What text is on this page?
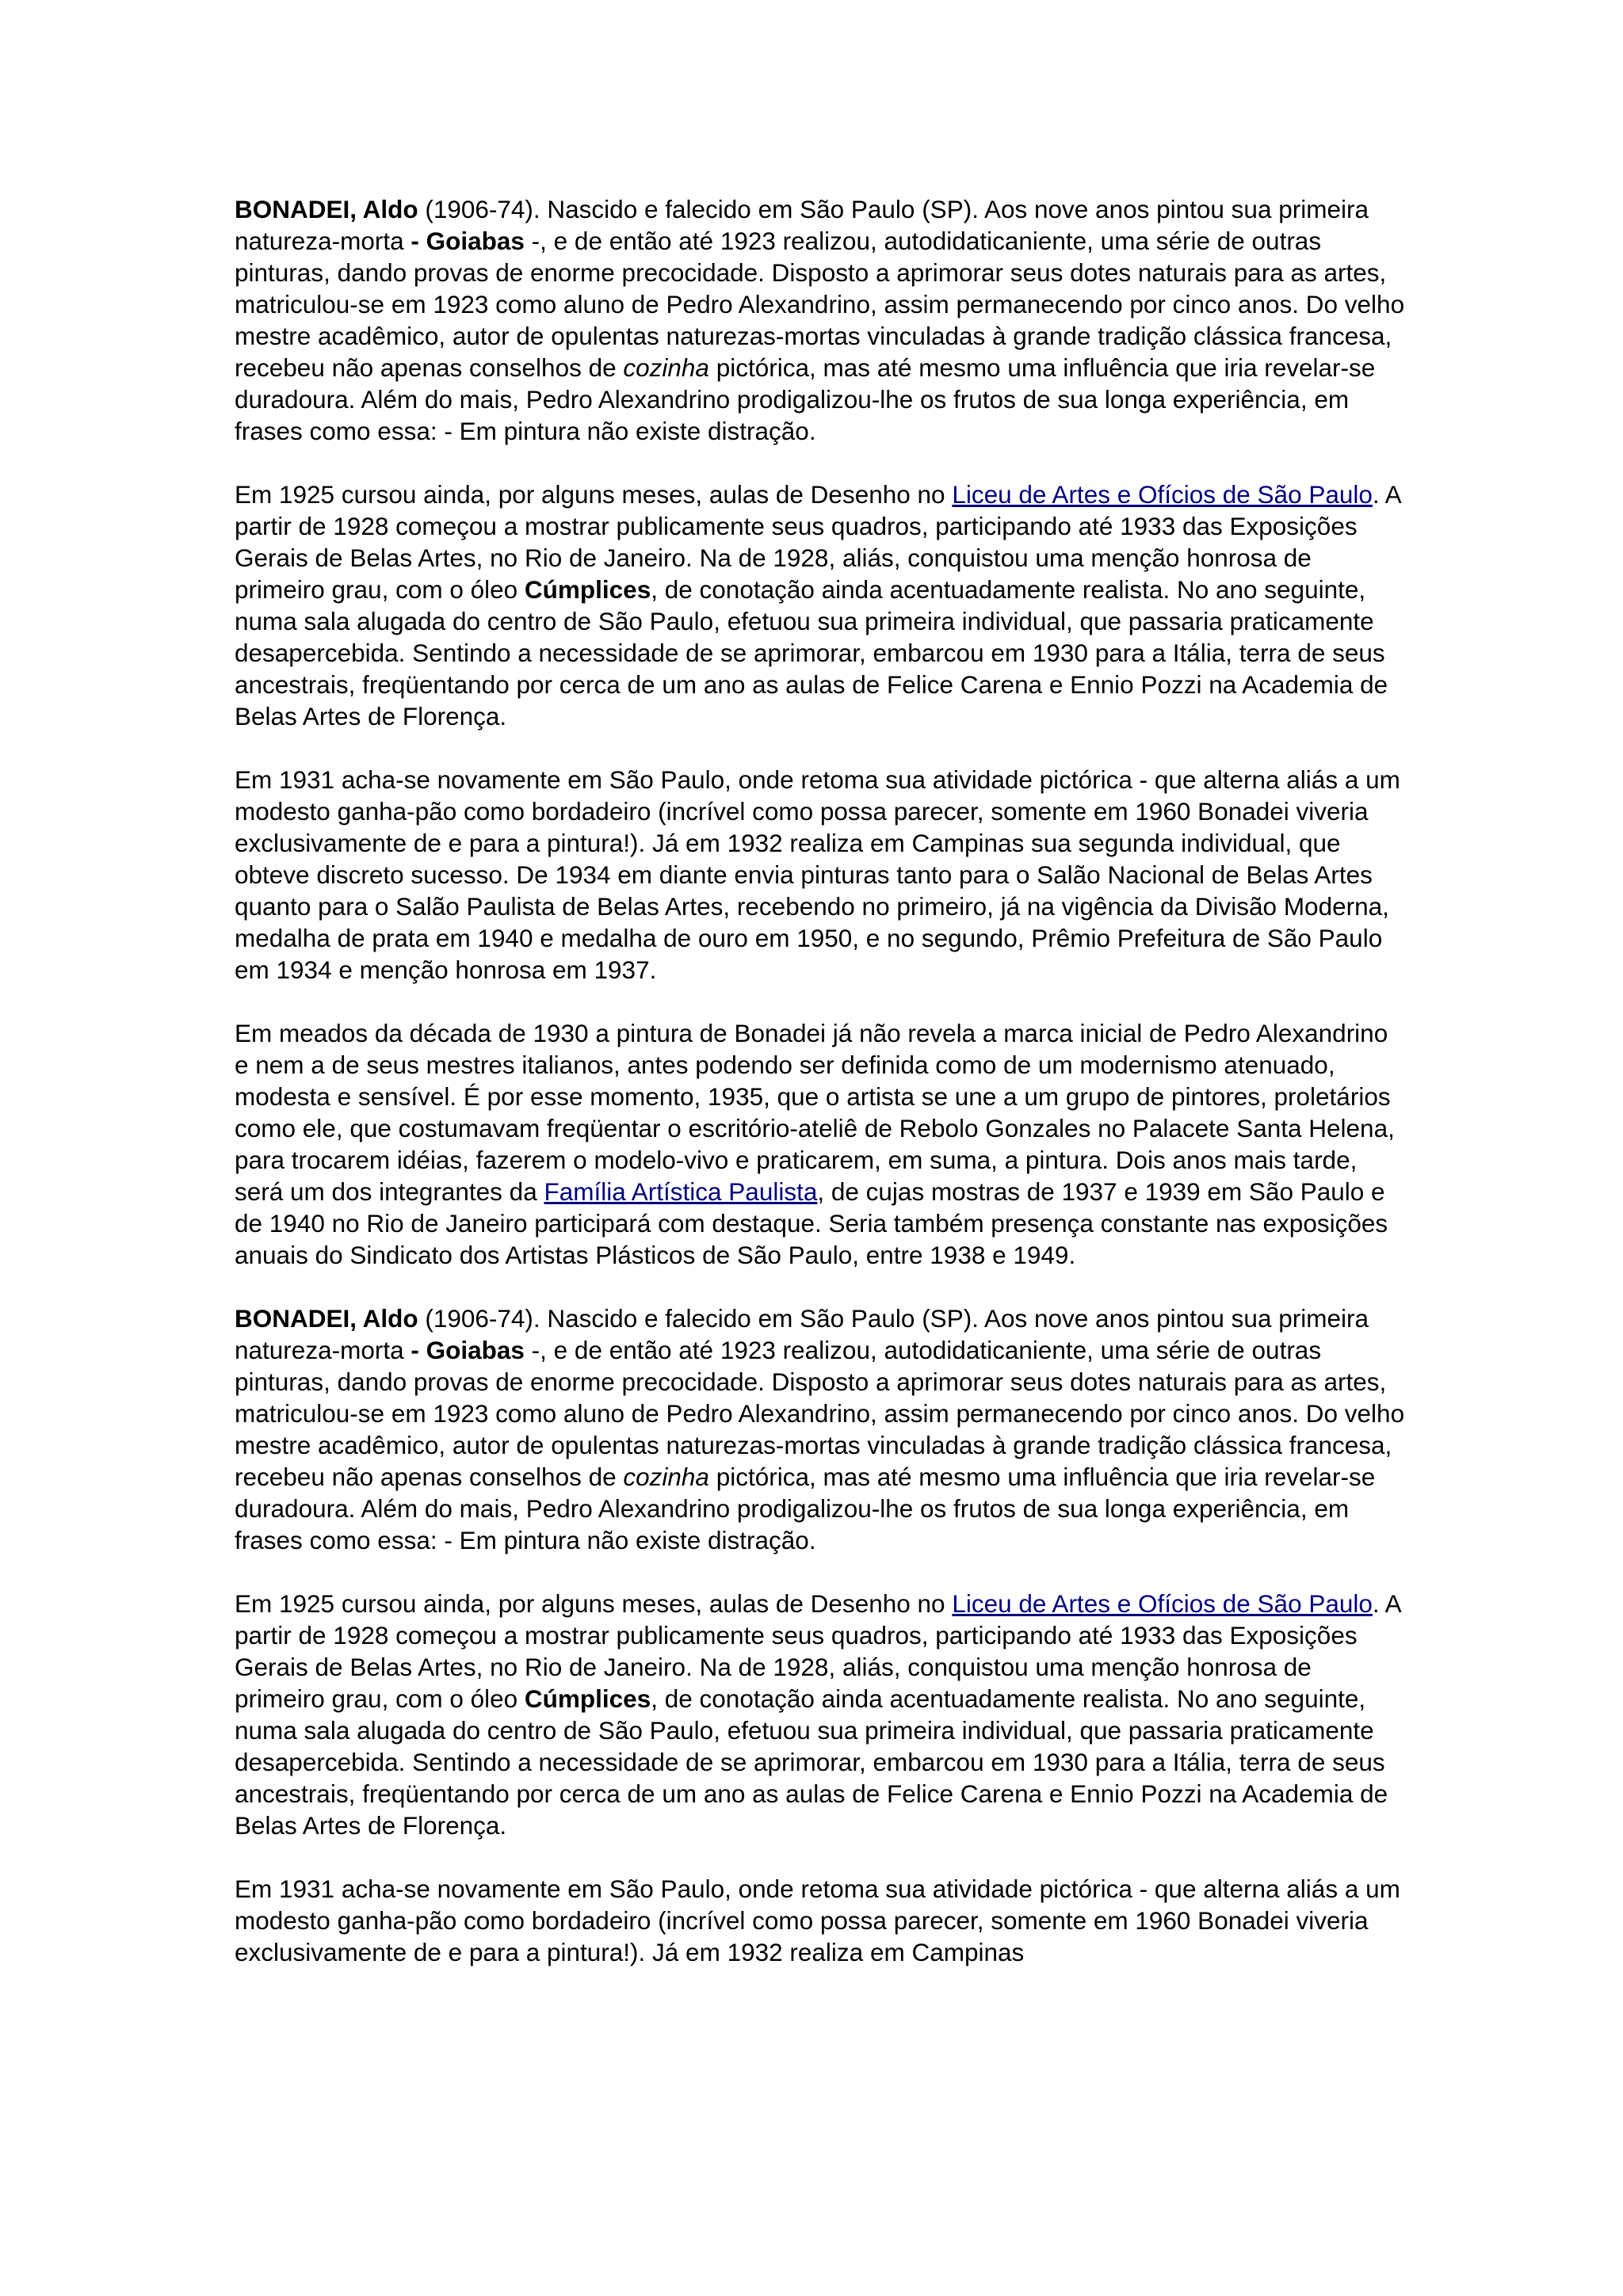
BONADEI, Aldo (1906-74). Nascido e falecido em São Paulo (SP). Aos nove anos pintou sua primeira natureza-morta - Goiabas -, e de então até 1923 realizou, autodidaticaniente, uma série de outras pinturas, dando provas de enorme precocidade. Disposto a aprimorar seus dotes naturais para as artes, matriculou-se em 1923 como aluno de Pedro Alexandrino, assim permanecendo por cinco anos. Do velho mestre acadêmico, autor de opulentas naturezas-mortas vinculadas à grande tradição clássica francesa, recebeu não apenas conselhos de cozinha pictórica, mas até mesmo uma influência que iria revelar-se duradoura. Além do mais, Pedro Alexandrino prodigalizou-lhe os frutos de sua longa experiência, em frases como essa: - Em pintura não existe distração.

Em 1925 cursou ainda, por alguns meses, aulas de Desenho no Liceu de Artes e Ofícios de São Paulo. A partir de 1928 começou a mostrar publicamente seus quadros, participando até 1933 das Exposições Gerais de Belas Artes, no Rio de Janeiro. Na de 1928, aliás, conquistou uma menção honrosa de primeiro grau, com o óleo Cúmplices, de conotação ainda acentuadamente realista. No ano seguinte, numa sala alugada do centro de São Paulo, efetuou sua primeira individual, que passaria praticamente desapercebida. Sentindo a necessidade de se aprimorar, embarcou em 1930 para a Itália, terra de seus ancestrais, freqüentando por cerca de um ano as aulas de Felice Carena e Ennio Pozzi na Academia de Belas Artes de Florença.

Em 1931 acha-se novamente em São Paulo, onde retoma sua atividade pictórica - que alterna aliás a um modesto ganha-pão como bordadeiro (incrível como possa parecer, somente em 1960 Bonadei viveria exclusivamente de e para a pintura!). Já em 1932 realiza em Campinas sua segunda individual, que obteve discreto sucesso. De 1934 em diante envia pinturas tanto para o Salão Nacional de Belas Artes quanto para o Salão Paulista de Belas Artes, recebendo no primeiro, já na vigência da Divisão Moderna, medalha de prata em 1940 e medalha de ouro em 1950, e no segundo, Prêmio Prefeitura de São Paulo em 1934 e menção honrosa em 1937.

Em meados da década de 1930 a pintura de Bonadei já não revela a marca inicial de Pedro Alexandrino e nem a de seus mestres italianos, antes podendo ser definida como de um modernismo atenuado, modesta e sensível. É por esse momento, 1935, que o artista se une a um grupo de pintores, proletários como ele, que costumavam freqüentar o escritório-ateliê de Rebolo Gonzales no Palacete Santa Helena, para trocarem idéias, fazerem o modelo-vivo e praticarem, em suma, a pintura. Dois anos mais tarde, será um dos integrantes da Família Artística Paulista, de cujas mostras de 1937 e 1939 em São Paulo e de 1940 no Rio de Janeiro participará com destaque. Seria também presença constante nas exposições anuais do Sindicato dos Artistas Plásticos de São Paulo, entre 1938 e 1949.

BONADEI, Aldo (1906-74). Nascido e falecido em São Paulo (SP). Aos nove anos pintou sua primeira natureza-morta - Goiabas -, e de então até 1923 realizou, autodidaticaniente, uma série de outras pinturas, dando provas de enorme precocidade. Disposto a aprimorar seus dotes naturais para as artes, matriculou-se em 1923 como aluno de Pedro Alexandrino, assim permanecendo por cinco anos. Do velho mestre acadêmico, autor de opulentas naturezas-mortas vinculadas à grande tradição clássica francesa, recebeu não apenas conselhos de cozinha pictórica, mas até mesmo uma influência que iria revelar-se duradoura. Além do mais, Pedro Alexandrino prodigalizou-lhe os frutos de sua longa experiência, em frases como essa: - Em pintura não existe distração.

Em 1925 cursou ainda, por alguns meses, aulas de Desenho no Liceu de Artes e Ofícios de São Paulo. A partir de 1928 começou a mostrar publicamente seus quadros, participando até 1933 das Exposições Gerais de Belas Artes, no Rio de Janeiro. Na de 1928, aliás, conquistou uma menção honrosa de primeiro grau, com o óleo Cúmplices, de conotação ainda acentuadamente realista. No ano seguinte, numa sala alugada do centro de São Paulo, efetuou sua primeira individual, que passaria praticamente desapercebida. Sentindo a necessidade de se aprimorar, embarcou em 1930 para a Itália, terra de seus ancestrais, freqüentando por cerca de um ano as aulas de Felice Carena e Ennio Pozzi na Academia de Belas Artes de Florença.

Em 1931 acha-se novamente em São Paulo, onde retoma sua atividade pictórica - que alterna aliás a um modesto ganha-pão como bordadeiro (incrível como possa parecer, somente em 1960 Bonadei viveria exclusivamente de e para a pintura!). Já em 1932 realiza em Campinas
